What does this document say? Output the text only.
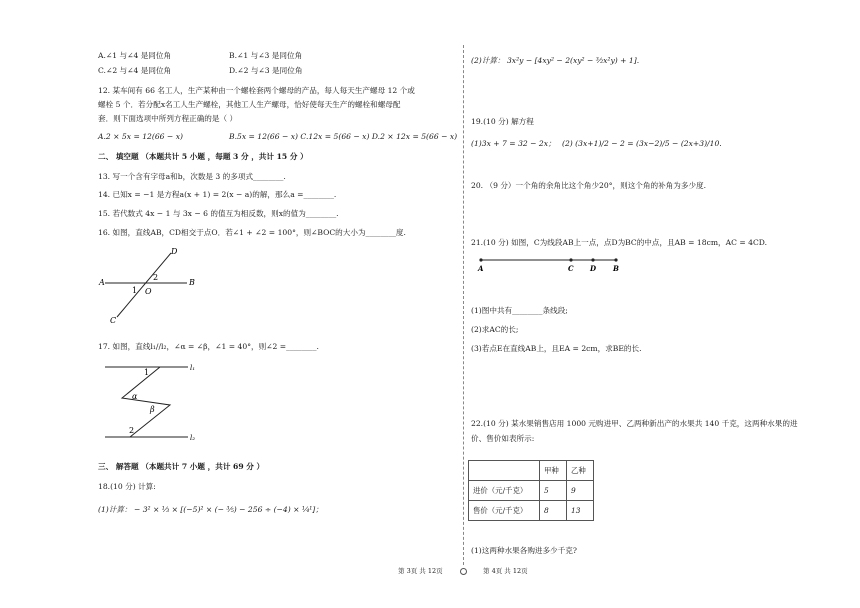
A.∠1 与∠4 是同位角	B.∠1 与∠3 是同位角
C.∠2 与∠4 是同位角	D.∠2 与∠3 是同位角
12. 某车间有 66 名工人，生产某种由一个螺栓套两个螺母的产品，每人每天生产螺母 12 个或
螺栓 5 个．若分配x名工人生产螺栓，其他工人生产螺母，恰好使每天生产的螺栓和螺母配
套．则下面选项中所列方程正确的是（ ）
A.2 × 5x = 12(66 − x)	B.5x = 12(66 − x) C.12x = 5(66 − x) D.2 × 12x = 5(66 − x)
二、 填空题 （本题共计 5 小题 ，每题 3 分 ，共计 15 分 ）
13. 写一个含有字母a和b，次数是 3 的多项式________.
14. 已知x = −1 是方程a(x + 1) = 2(x − a)的解，那么a =________.
15. 若代数式 4x − 1 与 3x − 6 的值互为相反数，则x的值为________.
16. 如图，直线AB，CD相交于点O．若∠1 + ∠2 = 100°，则∠BOC的大小为________度.
A	B
D
C
O
1
2
17. 如图，直线l₁//l₂，∠α = ∠β，∠1 = 40°，则∠2 =________.
l₁
l₂
1
2
α
β
三、 解答题 （本题共计 7 小题 ，共计 69 分 ）
18.(10 分) 计算:
(1)计算： − 3² × ¹⁄₃ × [(−5)² × (− ³⁄₅) − 256 ÷ (−4) × ¹⁄₄¹]；
(2)计算： 3x²y − [4xy² − 2(xy² − ³⁄₂x²y) + 1].
19.(10 分) 解方程
(1)3x + 7 = 32 − 2x； (2) (3x+1)/2 − 2 = (3x−2)/5 − (2x+3)/10.
20. （9 分）一个角的余角比这个角少20°，则这个角的补角为多少度.
21.(10 分) 如图，C为线段AB上一点，点D为BC的中点，且AB = 18cm，AC = 4CD.
A	C D B
(1)图中共有________条线段;
(2)求AC的长;
(3)若点E在直线AB上，且EA = 2cm，求BE的长.
22.(10 分) 某水果销售店用 1000 元购进甲、乙两种新出产的水果共 140 千克，这两种水果的进
价、售价如表所示:
	甲种	乙种
进价（元/千克）	5	9
售价（元/千克）	8	13
(1)这两种水果各购进多少千克?
第 3页 共 12页	第 4页 共 12页
